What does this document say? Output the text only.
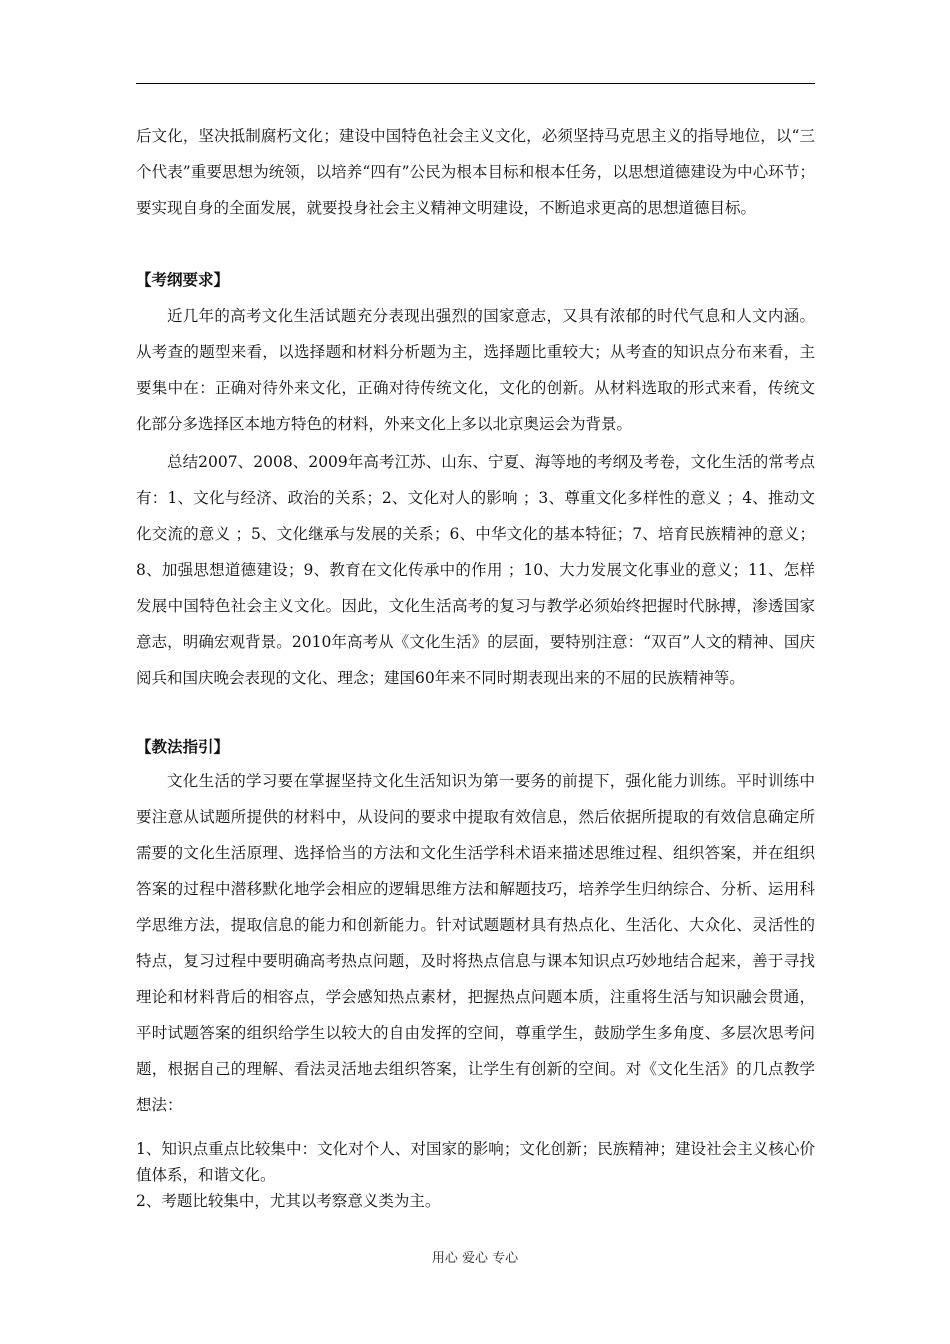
后文化，坚决抵制腐朽文化；建设中国特色社会主义文化，必须坚持马克思主义的指导地位，以“三个代表”重要思想为统领，以培养“四有”公民为根本目标和根本任务，以思想道德建设为中心环节；要实现自身的全面发展，就要投身社会主义精神文明建设，不断追求更高的思想道德目标。
【考纲要求】
近几年的高考文化生活试题充分表现出强烈的国家意志，又具有浓郁的时代气息和人文内涵。从考查的题型来看，以选择题和材料分析题为主，选择题比重较大；从考查的知识点分布来看，主要集中在：正确对待外来文化，正确对待传统文化，文化的创新。从材料选取的形式来看，传统文化部分多选择区本地方特色的材料，外来文化上多以北京奥运会为背景。
总结2007、2008、2009年高考江苏、山东、宁夏、海等地的考纲及考卷，文化生活的常考点有：1、文化与经济、政治的关系；2、文化对人的影响 ；3、尊重文化多样性的意义 ；4、推动文化交流的意义 ；5、文化继承与发展的关系；6、中华文化的基本特征；7、培育民族精神的意义；8、加强思想道德建设；9、教育在文化传承中的作用 ；10、大力发展文化事业的意义；11、怎样发展中国特色社会主义文化。因此，文化生活高考的复习与教学必须始终把握时代脉搏，渗透国家意志，明确宏观背景。2010年高考从《文化生活》的层面，要特别注意：“双百”人文的精神、国庆阅兵和国庆晚会表现的文化、理念；建国60年来不同时期表现出来的不屈的民族精神等。
【教法指引】
文化生活的学习要在掌握坚持文化生活知识为第一要务的前提下，强化能力训练。平时训练中要注意从试题所提供的材料中，从设问的要求中提取有效信息，然后依据所提取的有效信息确定所需要的文化生活原理、选择恰当的方法和文化生活学科术语来描述思维过程、组织答案，并在组织答案的过程中潜移默化地学会相应的逻辑思维方法和解题技巧，培养学生归纳综合、分析、运用科学思维方法，提取信息的能力和创新能力。针对试题题材具有热点化、生活化、大众化、灵活性的特点，复习过程中要明确高考热点问题，及时将热点信息与课本知识点巧妙地结合起来，善于寻找理论和材料背后的相容点，学会感知热点素材，把握热点问题本质，注重将生活与知识融会贯通，平时试题答案的组织给学生以较大的自由发挥的空间，尊重学生，鼓励学生多角度、多层次思考问题，根据自己的理解、看法灵活地去组织答案，让学生有创新的空间。对《文化生活》的几点教学想法：
1、知识点重点比较集中：文化对个人、对国家的影响；文化创新；民族精神；建设社会主义核心价值体系，和谐文化。
2、考题比较集中，尤其以考察意义类为主。
用心 爱心 专心
